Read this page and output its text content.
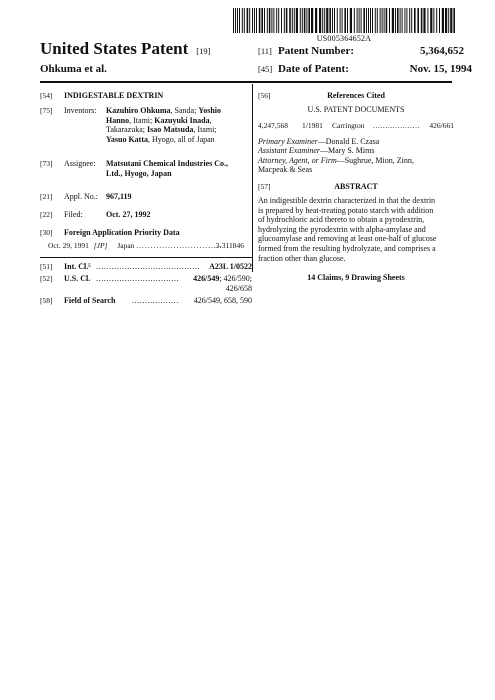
US005364652A
United States Patent [19]
Ohkuma et al.
[11] Patent Number:	5,364,652
[45] Date of Patent:	Nov. 15, 1994
[54] INDIGESTABLE DEXTRIN
[75] Inventors: Kazuhiro Ohkuma, Sanda; Yoshio
Hanno, Itami; Kazuyuki Inada,
Takarazuka; Isao Matsuda, Itami;
Yasuo Katta, Hyogo, all of Japan
[73] Assignee: Matsutani Chemical Industries Co.,
Ltd., Hyogo, Japan
[21] Appl. No.: 967,119
[22] Filed:	Oct. 27, 1992
[30] Foreign Application Priority Data
Oct. 29, 1991 [JP] Japan ..............................
3-311846
[51] Int. Cl.⁵ ........................................ A23L 1/0522
[52] U.S. Cl. ................................ 426/549; 426/590;
426/658
[58] Field of Search .................. 426/549, 658, 590
[56]	References Cited
U.S. PATENT DOCUMENTS
4,247,568 1/1981 Carrington ................... 426/661
Primary Examiner—Donald E. Czasa
Assistant Examiner—Mary S. Mims
Attorney, Agent, or Firm—Sughrue, Mion, Zinn,
Macpeak & Seas
[57]	ABSTRACT
An indigestible dextrin characterized in that the dextrin
is prepared by heat-treating potato starch with addition
of hydrochloric acid thereto to obtain a pyrodextrin,
hydrolyzing the pyrodextrin with alpha-amylase and
glucoamylase and removing at least one-half of glucose
formed from the resulting hydrolyzate, and comprises a
fraction other than glucose.
14 Claims, 9 Drawing Sheets
